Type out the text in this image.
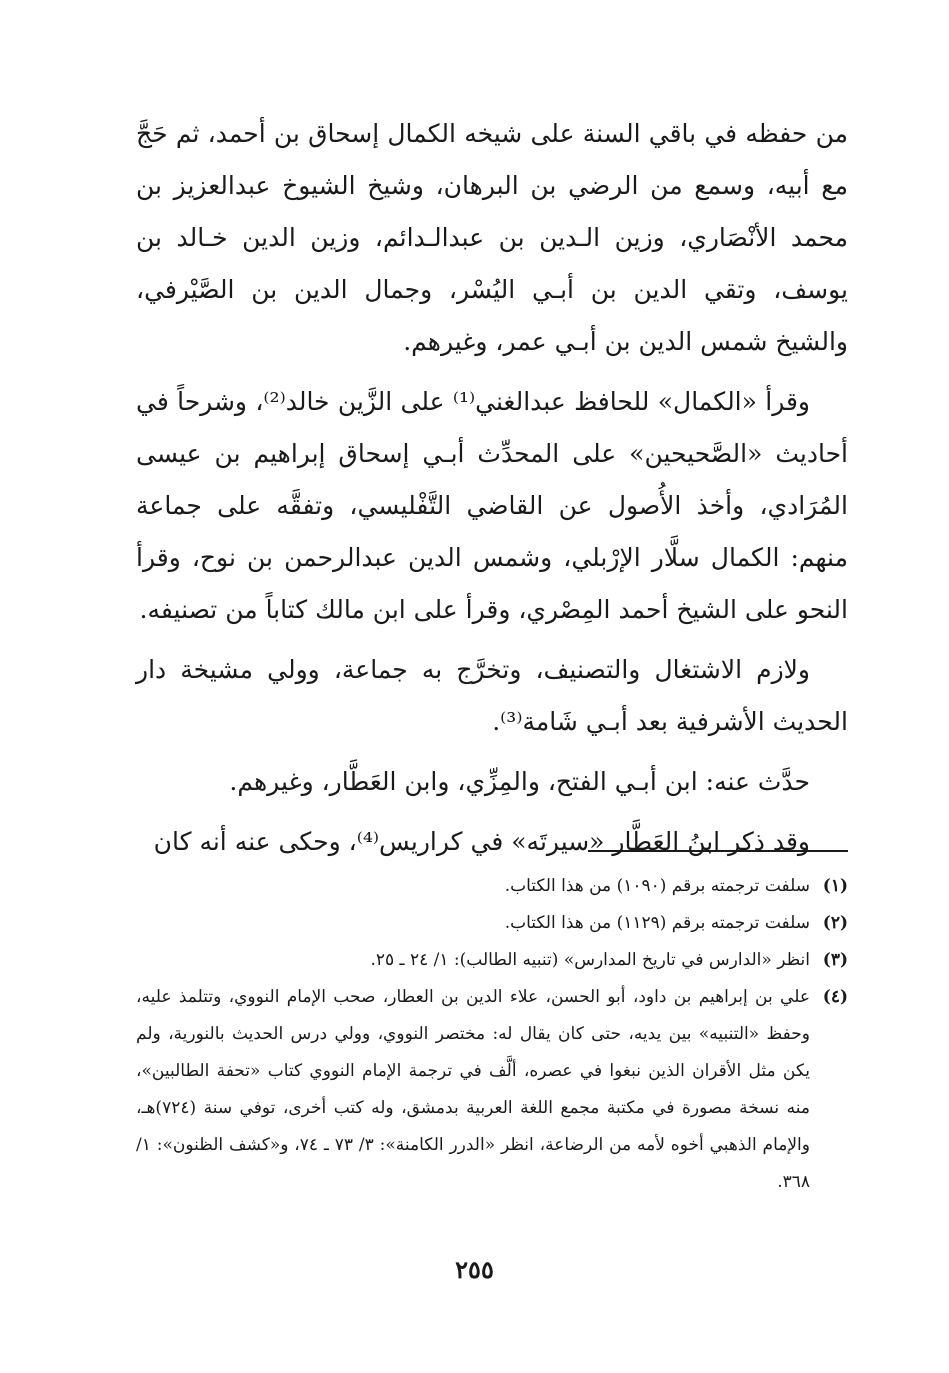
من حفظه في باقي السنة على شيخه الكمال إسحاق بن أحمد، ثم حَجَّ مع أبيه، وسمع من الرضي بن البرهان، وشيخ الشيوخ عبدالعزيز بن محمد الأنْصَاري، وزين الـدين بن عبدالـدائم، وزين الدين خـالد بن يوسف، وتقي الدين بن أبـي اليُسْر، وجمال الدين بن الصَّيْرفي، والشيخ شمس الدين بن أبـي عمر، وغيرهم.

وقرأ «الكمال» للحافظ عبدالغني⁽¹⁾ على الزَّين خالد⁽²⁾، وشرحاً في أحاديث «الصَّحيحين» على المحدِّث أبـي إسحاق إبراهيم بن عيسى المُرَادي، وأخذ الأُصول عن القاضي التَّفْليسي، وتفقَّه على جماعة منهم: الكمال سلَّار الإرْبلي، وشمس الدين عبدالرحمن بن نوح، وقرأ النحو على الشيخ أحمد المِصْري، وقرأ على ابن مالك كتاباً من تصنيفه.

ولازم الاشتغال والتصنيف، وتخرَّج به جماعة، وولي مشيخة دار الحديث الأشرفية بعد أبـي شَامة⁽³⁾.

حدَّث عنه: ابن أبـي الفتح، والمِزِّي، وابن العَطَّار، وغيرهم.

وقد ذكر ابنُ العَطَّار «سيرتَه» في كراريس⁽⁴⁾، وحكى عنه أنه كان

(١)
سلفت ترجمته برقم (١٠٩٠) من هذا الكتاب.
(٢)
سلفت ترجمته برقم (١١٢٩) من هذا الكتاب.
(٣)
انظر «الدارس في تاريخ المدارس» (تنبيه الطالب): ١/ ٢٤ ـ ٢٥.
(٤)
علي بن إبراهيم بن داود، أبو الحسن، علاء الدين بن العطار، صحب الإمام النووي، وتتلمذ عليه، وحفظ «التنبيه» بين يديه، حتى كان يقال له: مختصر النووي، وولي درس الحديث بالنورية، ولم يكن مثل الأقران الذين نبغوا في عصره، ألَّف في ترجمة الإمام النووي كتاب «تحفة الطالبين»، منه نسخة مصورة في مكتبة مجمع اللغة العربية بدمشق، وله كتب أخرى، توفي سنة (٧٢٤)هـ، والإمام الذهبي أخوه لأمه من الرضاعة، انظر «الدرر الكامنة»: ٣/ ٧٣ ـ ٧٤، و«كشف الظنون»: ١/ ٣٦٨.
٢٥٥
